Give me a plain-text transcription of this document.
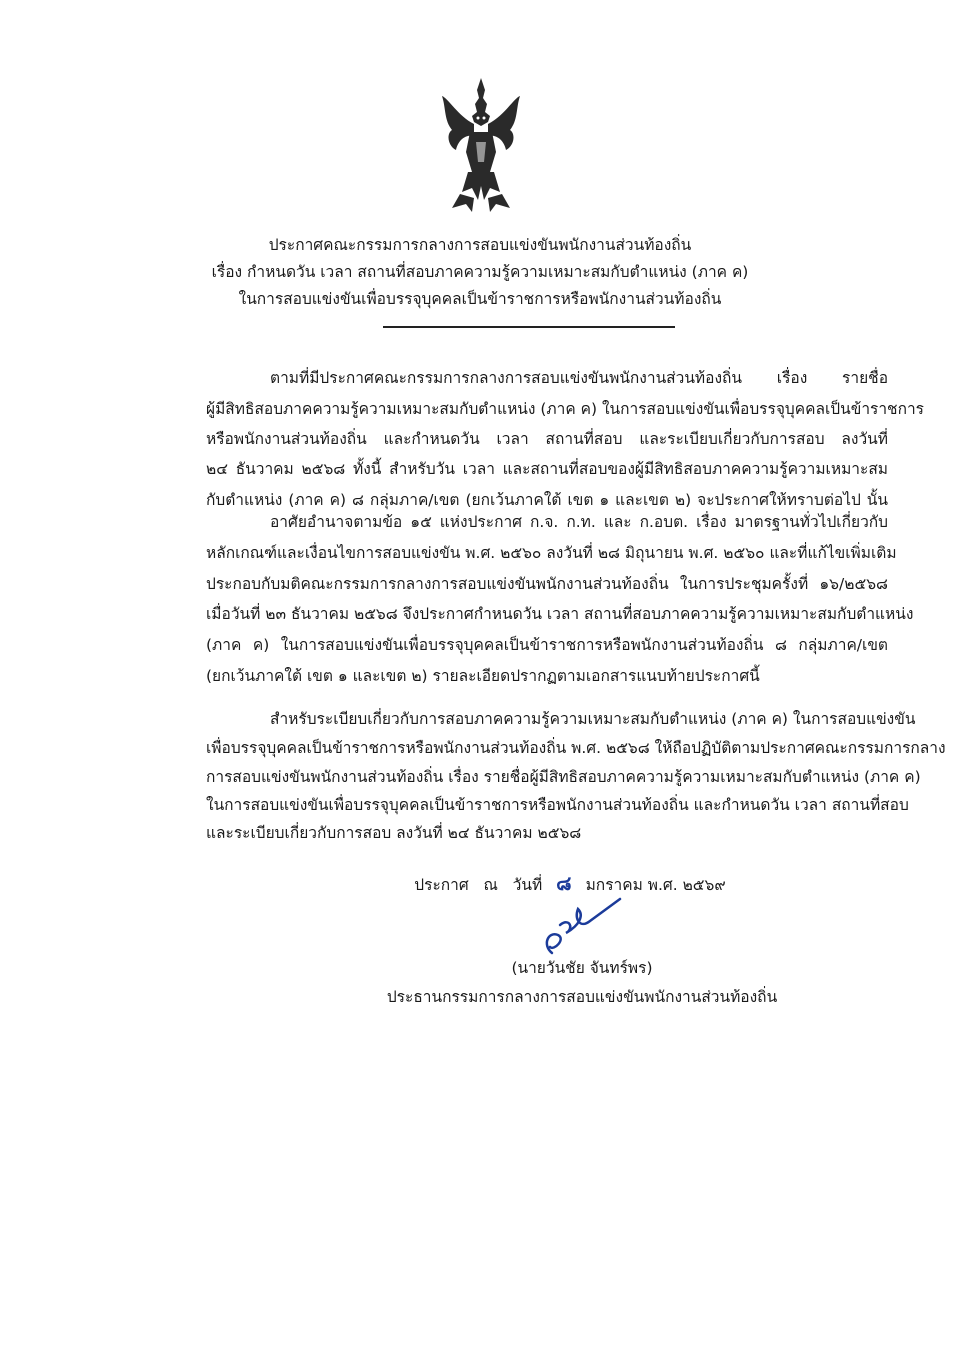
ประกาศคณะกรรมการกลางการสอบแข่งขันพนักงานส่วนท้องถิ่น
เรื่อง กำหนดวัน เวลา สถานที่สอบภาคความรู้ความเหมาะสมกับตำแหน่ง (ภาค ค)
ในการสอบแข่งขันเพื่อบรรจุบุคคลเป็นข้าราชการหรือพนักงานส่วนท้องถิ่น
ตามที่มีประกาศคณะกรรมการกลางการสอบแข่งขันพนักงานส่วนท้องถิ่น เรื่อง รายชื่อ
ผู้มีสิทธิสอบภาคความรู้ความเหมาะสมกับตำแหน่ง (ภาค ค) ในการสอบแข่งขันเพื่อบรรจุบุคคลเป็นข้าราชการ
หรือพนักงานส่วนท้องถิ่น และกำหนดวัน เวลา สถานที่สอบ และระเบียบเกี่ยวกับการสอบ ลงวันที่
๒๔ ธันวาคม ๒๕๖๘ ทั้งนี้ สำหรับวัน เวลา และสถานที่สอบของผู้มีสิทธิสอบภาคความรู้ความเหมาะสม
กับตำแหน่ง (ภาค ค) ๘ กลุ่มภาค/เขต (ยกเว้นภาคใต้ เขต ๑ และเขต ๒) จะประกาศให้ทราบต่อไป นั้น
อาศัยอำนาจตามข้อ ๑๕ แห่งประกาศ ก.จ. ก.ท. และ ก.อบต. เรื่อง มาตรฐานทั่วไปเกี่ยวกับ
หลักเกณฑ์และเงื่อนไขการสอบแข่งขัน พ.ศ. ๒๕๖๐ ลงวันที่ ๒๘ มิถุนายน พ.ศ. ๒๕๖๐ และที่แก้ไขเพิ่มเติม
ประกอบกับมติคณะกรรมการกลางการสอบแข่งขันพนักงานส่วนท้องถิ่น ในการประชุมครั้งที่ ๑๖/๒๕๖๘
เมื่อวันที่ ๒๓ ธันวาคม ๒๕๖๘ จึงประกาศกำหนดวัน เวลา สถานที่สอบภาคความรู้ความเหมาะสมกับตำแหน่ง
(ภาค ค) ในการสอบแข่งขันเพื่อบรรจุบุคคลเป็นข้าราชการหรือพนักงานส่วนท้องถิ่น ๘ กลุ่มภาค/เขต
(ยกเว้นภาคใต้ เขต ๑ และเขต ๒) รายละเอียดปรากฏตามเอกสารแนบท้ายประกาศนี้
สำหรับระเบียบเกี่ยวกับการสอบภาคความรู้ความเหมาะสมกับตำแหน่ง (ภาค ค) ในการสอบแข่งขัน
เพื่อบรรจุบุคคลเป็นข้าราชการหรือพนักงานส่วนท้องถิ่น พ.ศ. ๒๕๖๘ ให้ถือปฏิบัติตามประกาศคณะกรรมการกลาง
การสอบแข่งขันพนักงานส่วนท้องถิ่น เรื่อง รายชื่อผู้มีสิทธิสอบภาคความรู้ความเหมาะสมกับตำแหน่ง (ภาค ค)
ในการสอบแข่งขันเพื่อบรรจุบุคคลเป็นข้าราชการหรือพนักงานส่วนท้องถิ่น และกำหนดวัน เวลา สถานที่สอบ
และระเบียบเกี่ยวกับการสอบ ลงวันที่ ๒๔ ธันวาคม ๒๕๖๘
ประกาศ   ณ   วันที่ ๘ มกราคม พ.ศ. ๒๕๖๙
(นายวันชัย จันทร์พร)
ประธานกรรมการกลางการสอบแข่งขันพนักงานส่วนท้องถิ่น
